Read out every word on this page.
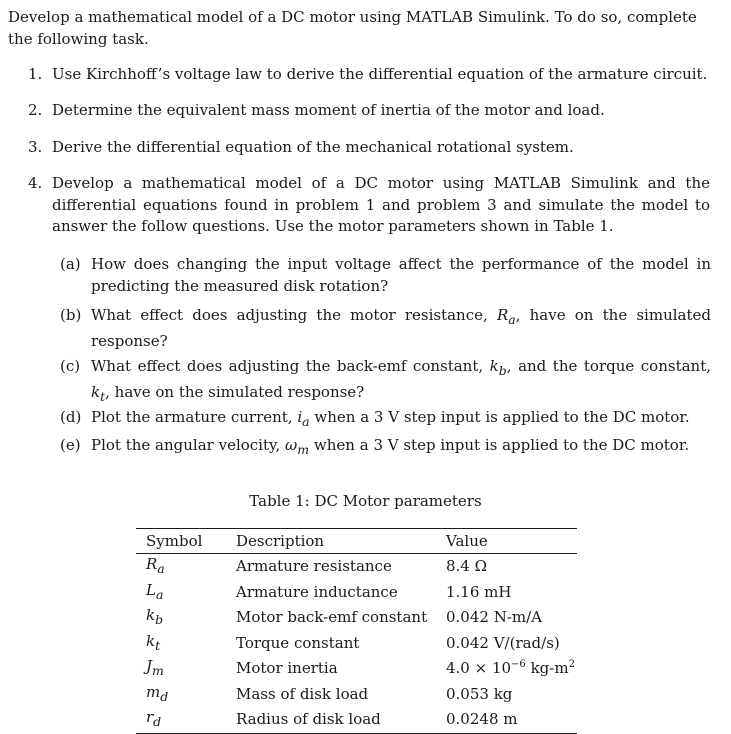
Develop a mathematical model of a DC motor using MATLAB Simulink. To do so, complete the following task.
1. Use Kirchhoff’s voltage law to derive the differential equation of the armature circuit.
2. Determine the equivalent mass moment of inertia of the motor and load.
3. Derive the differential equation of the mechanical rotational system.
4. Develop a mathematical model of a DC motor using MATLAB Simulink and the differential equations found in problem 1 and problem 3 and simulate the model to answer the follow questions. Use the motor parameters shown in Table 1.
(a) How does changing the input voltage affect the performance of the model in predicting the measured disk rotation?
(b) What effect does adjusting the motor resistance, $R_a$, have on the simulated response?
(c) What effect does adjusting the back-emf constant, $k_b$, and the torque constant, $k_t$, have on the simulated response?
(d) Plot the armature current, $i_a$ when a 3 V step input is applied to the DC motor.
(e) Plot the angular velocity, $\omega_m$ when a 3 V step input is applied to the DC motor.
Table 1: DC Motor parameters
Symbol	Description	Value
$R_a$	Armature resistance	8.4 Ω
$L_a$	Armature inductance	1.16 mH
$k_b$	Motor back-emf constant	0.042 N-m/A
$k_t$	Torque constant	0.042 V/(rad/s)
$J_m$	Motor inertia	$4.0 \times 10^{-6}$ $kg-m^2$
$m_d$	Mass of disk load	0.053 kg
$r_d$	Radius of disk load	0.0248 m
